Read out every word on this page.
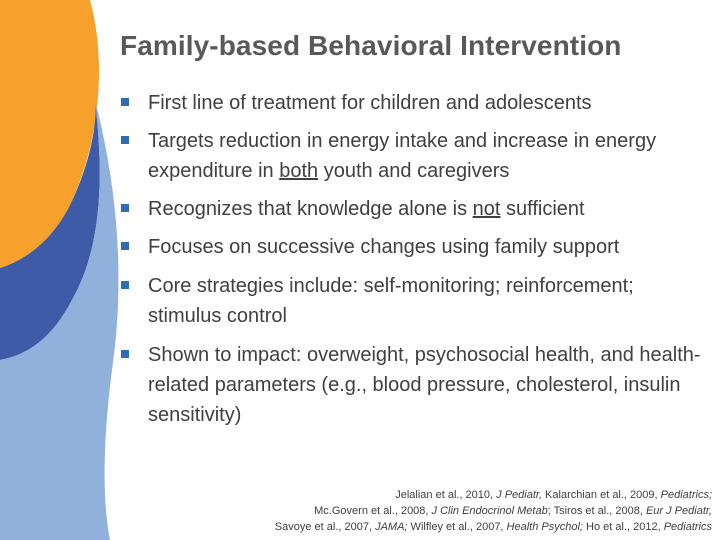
Family-based Behavioral Intervention
First line of treatment for children and adolescents
Targets reduction in energy intake and increase in energy expenditure in both youth and caregivers
Recognizes that knowledge alone is not sufficient
Focuses on successive changes using family support
Core strategies include: self-monitoring; reinforcement; stimulus control
Shown to impact: overweight, psychosocial health, and health-related parameters (e.g., blood pressure, cholesterol, insulin sensitivity)
Jelalian et al., 2010, J Pediatr, Kalarchian et al., 2009, Pediatrics;
Mc.Govern et al., 2008, J Clin Endocrinol Metab; Tsiros et al., 2008, Eur J Pediatr,
Savoye et al., 2007, JAMA; Wilfley et al., 2007, Health Psychol; Ho et al., 2012, Pediatrics
